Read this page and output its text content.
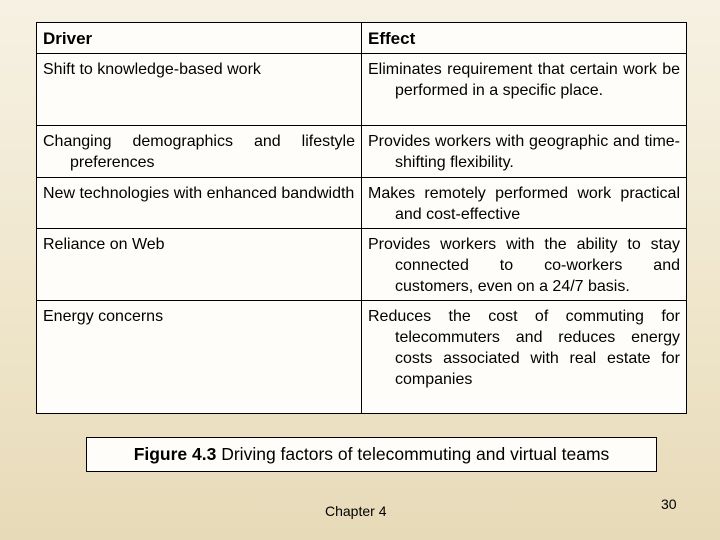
Driver	Effect

Shift to knowledge-based work	Eliminates requirement that certain work be performed in a specific place.

Changing demographics and lifestyle preferences	Provides workers with geographic and time-shifting flexibility.

New technologies with enhanced bandwidth	Makes remotely performed work practical and cost-effective

Reliance on Web	Provides workers with the ability to stay connected to co-workers and customers, even on a 24/7 basis.

Energy concerns	Reduces the cost of commuting for telecommuters and reduces energy costs associated with real estate for companies
Figure 4.3 Driving factors of telecommuting and virtual teams
Chapter 4	30
